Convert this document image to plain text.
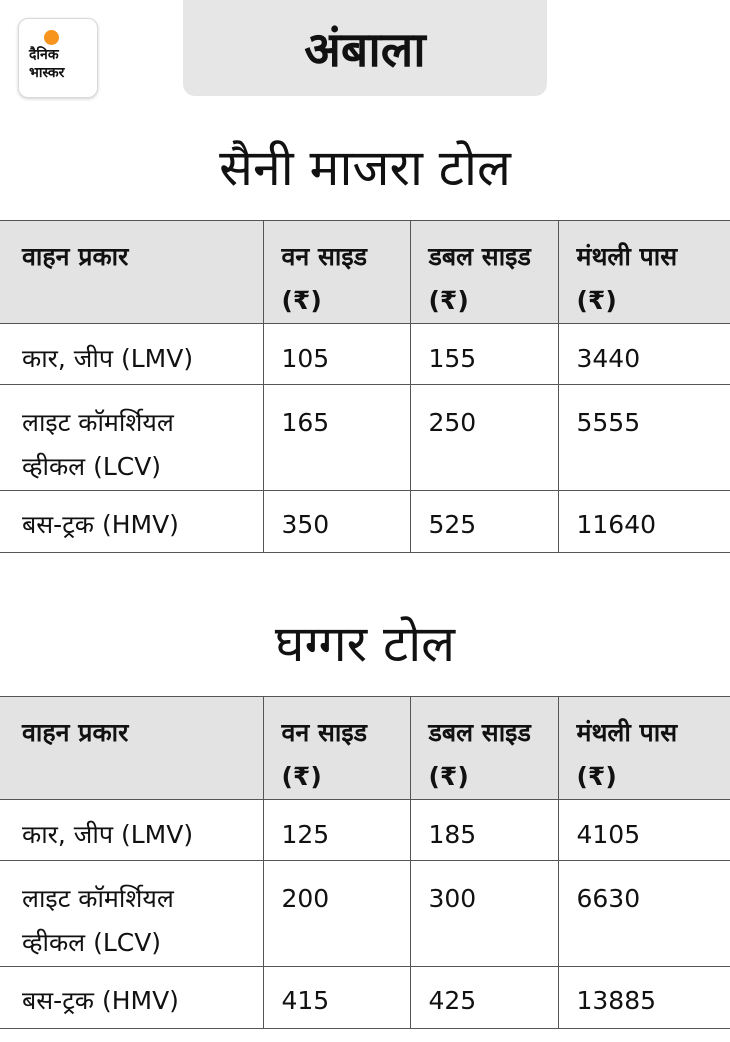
दैनिक
भास्कर	अंबाला
सैनी माजरा टोल
वाहन प्रकार	वन साइड (₹)	डबल साइड (₹)	मंथली पास (₹)
कार, जीप (LMV)	105	155	3440
लाइट कॉमर्शियल व्हीकल (LCV)	165	250	5555
बस-ट्रक (HMV)	350	525	11640
घग्गर टोल
वाहन प्रकार	वन साइड (₹)	डबल साइड (₹)	मंथली पास (₹)
कार, जीप (LMV)	125	185	4105
लाइट कॉमर्शियल व्हीकल (LCV)	200	300	6630
बस-ट्रक (HMV)	415	425	13885
